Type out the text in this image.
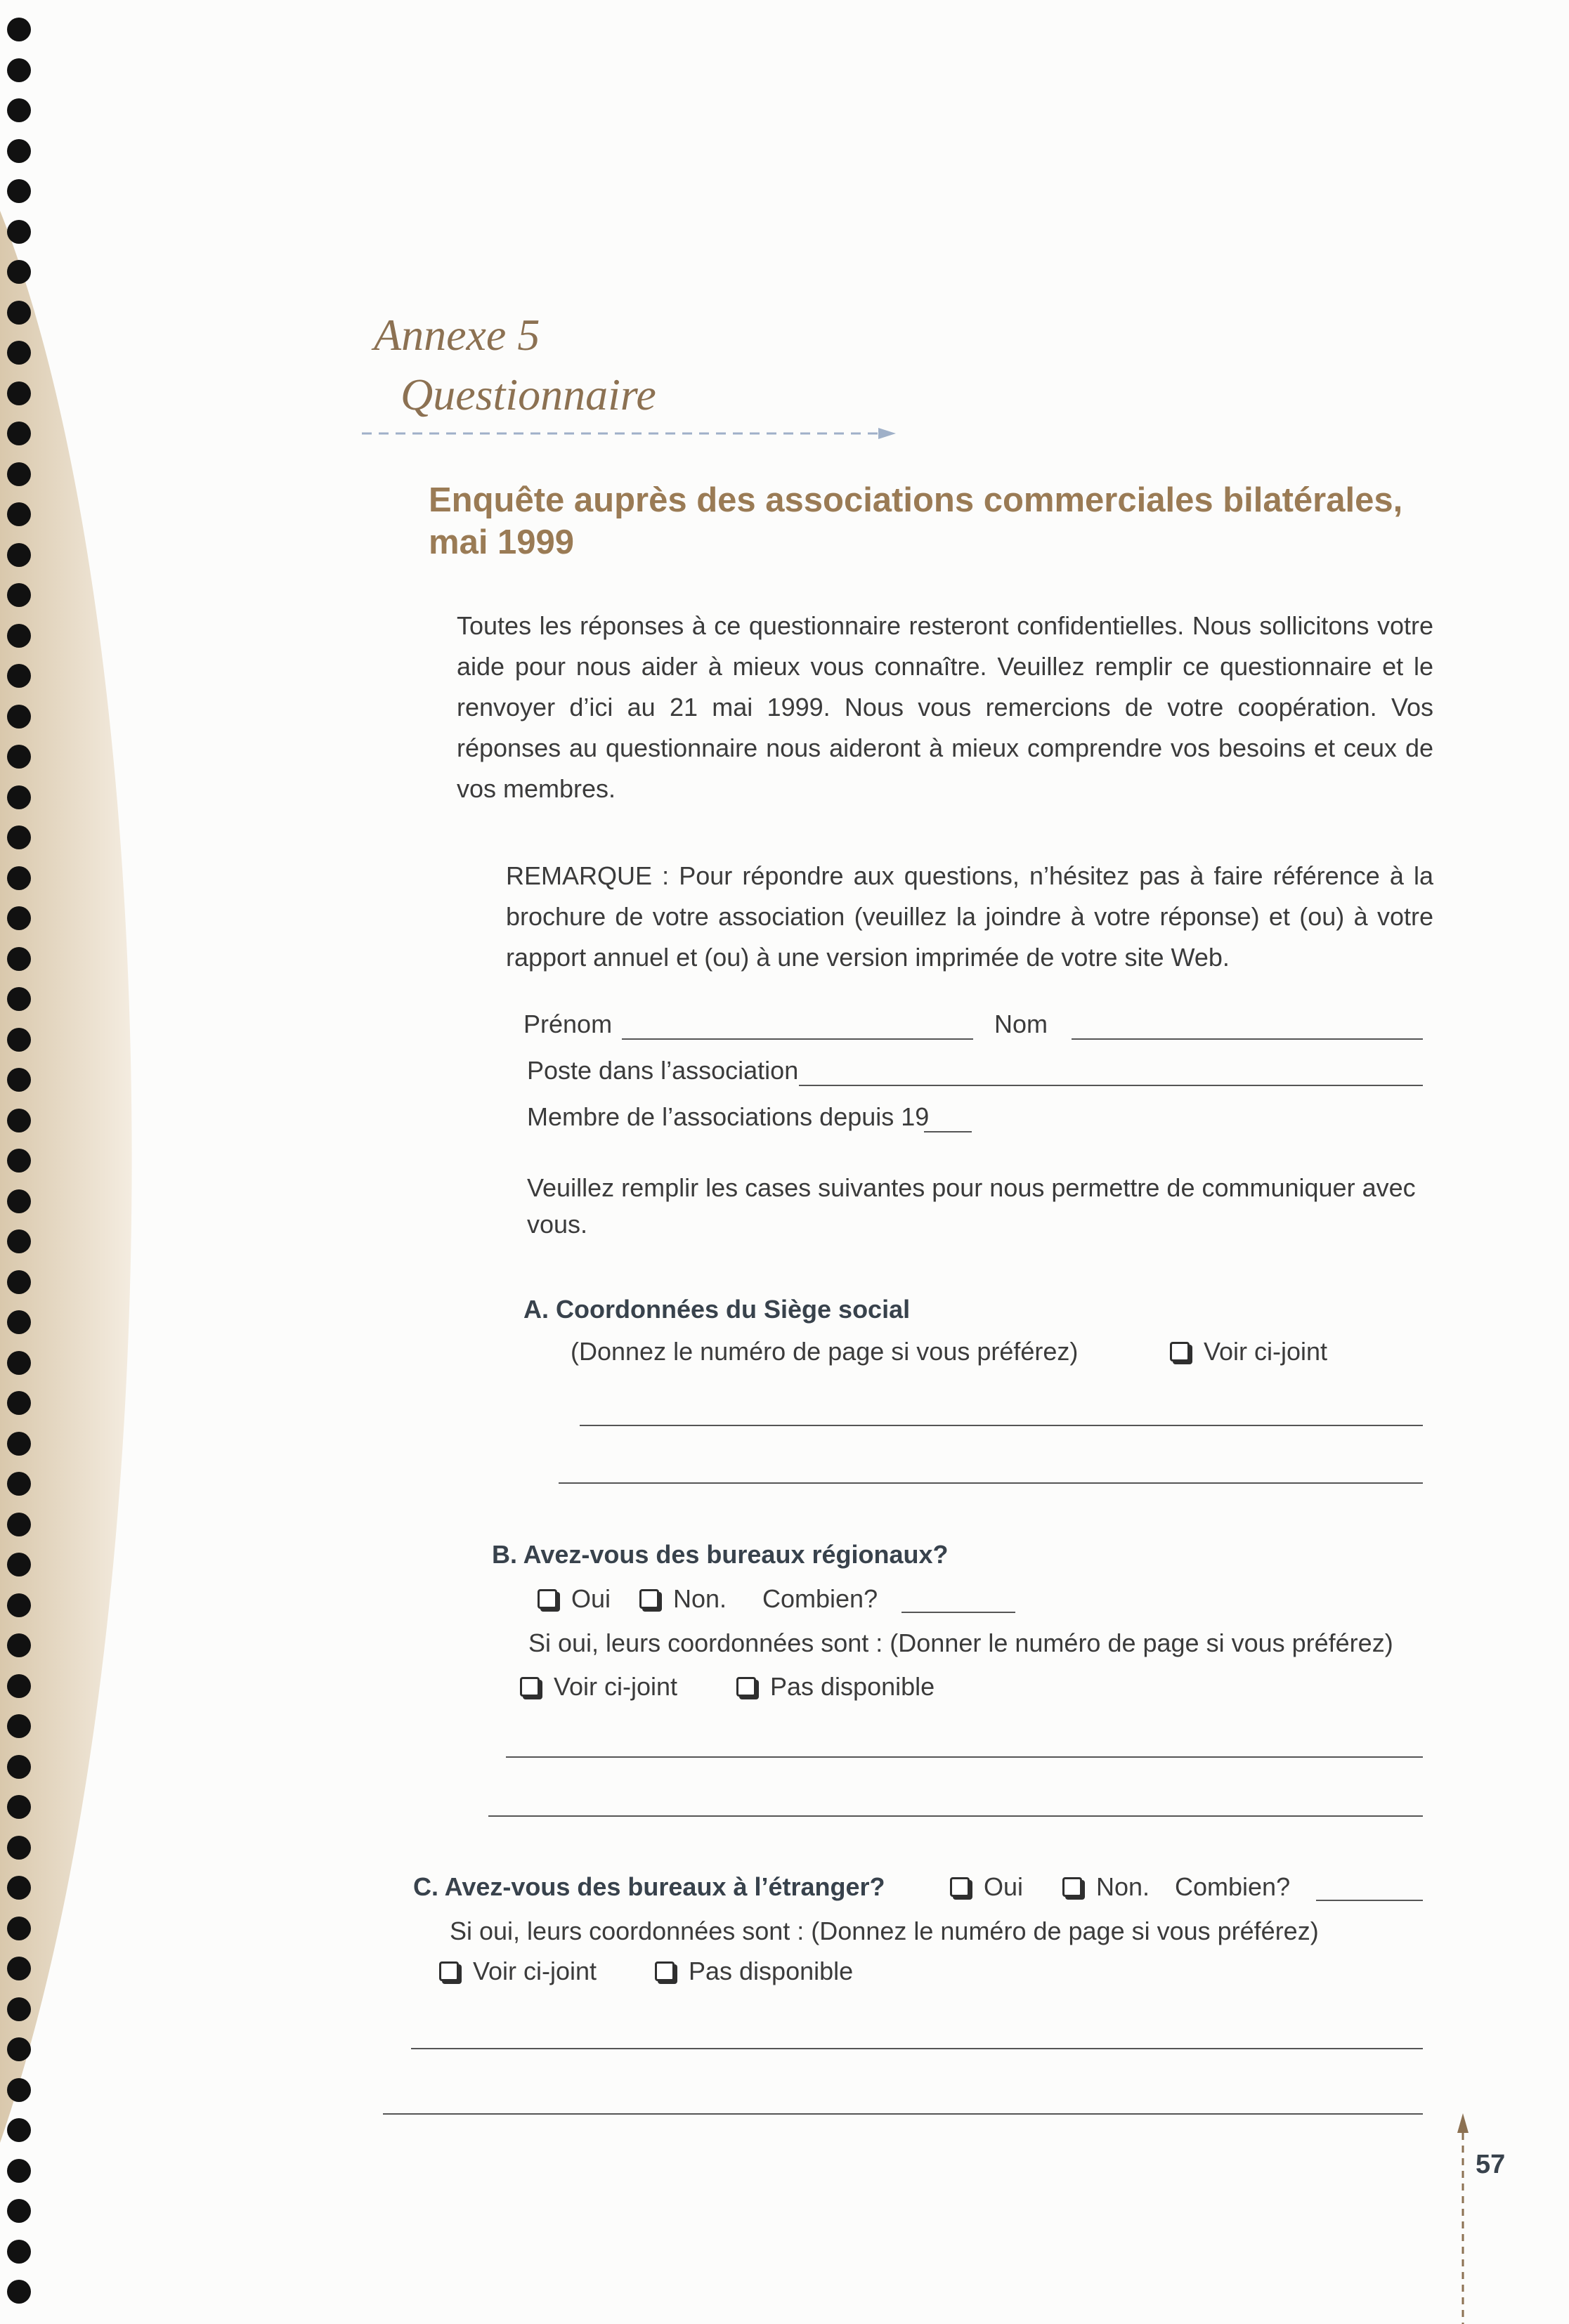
Annexe 5
Questionnaire
Enquête auprès des associations commerciales bilatérales, mai 1999
Toutes les réponses à ce questionnaire resteront confidentielles. Nous sollicitons votre aide pour nous aider à mieux vous connaître. Veuillez remplir ce questionnaire et le renvoyer d’ici au 21 mai 1999. Nous vous remercions de votre coopération. Vos réponses au questionnaire nous aideront à mieux comprendre vos besoins et ceux de vos membres.
REMARQUE : Pour répondre aux questions, n’hésitez pas à faire référence à la brochure de votre association (veuillez la joindre à votre réponse) et (ou) à votre rapport annuel et (ou) à une version imprimée de votre site Web.
Prénom	Nom
Poste dans l’association
Membre de l’associations depuis 19
Veuillez remplir les cases suivantes pour nous permettre de communiquer avec vous.
A. Coordonnées du Siège social
(Donnez le numéro de page si vous préférez)	Voir ci-joint
B. Avez-vous des bureaux régionaux?
Oui	Non. Combien?
Si oui, leurs coordonnées sont : (Donner le numéro de page si vous préférez)
Voir ci-joint	Pas disponible
C. Avez-vous des bureaux à l’étranger?	Oui	Non. Combien?
Si oui, leurs coordonnées sont : (Donnez le numéro de page si vous préférez)
Voir ci-joint	Pas disponible
57
